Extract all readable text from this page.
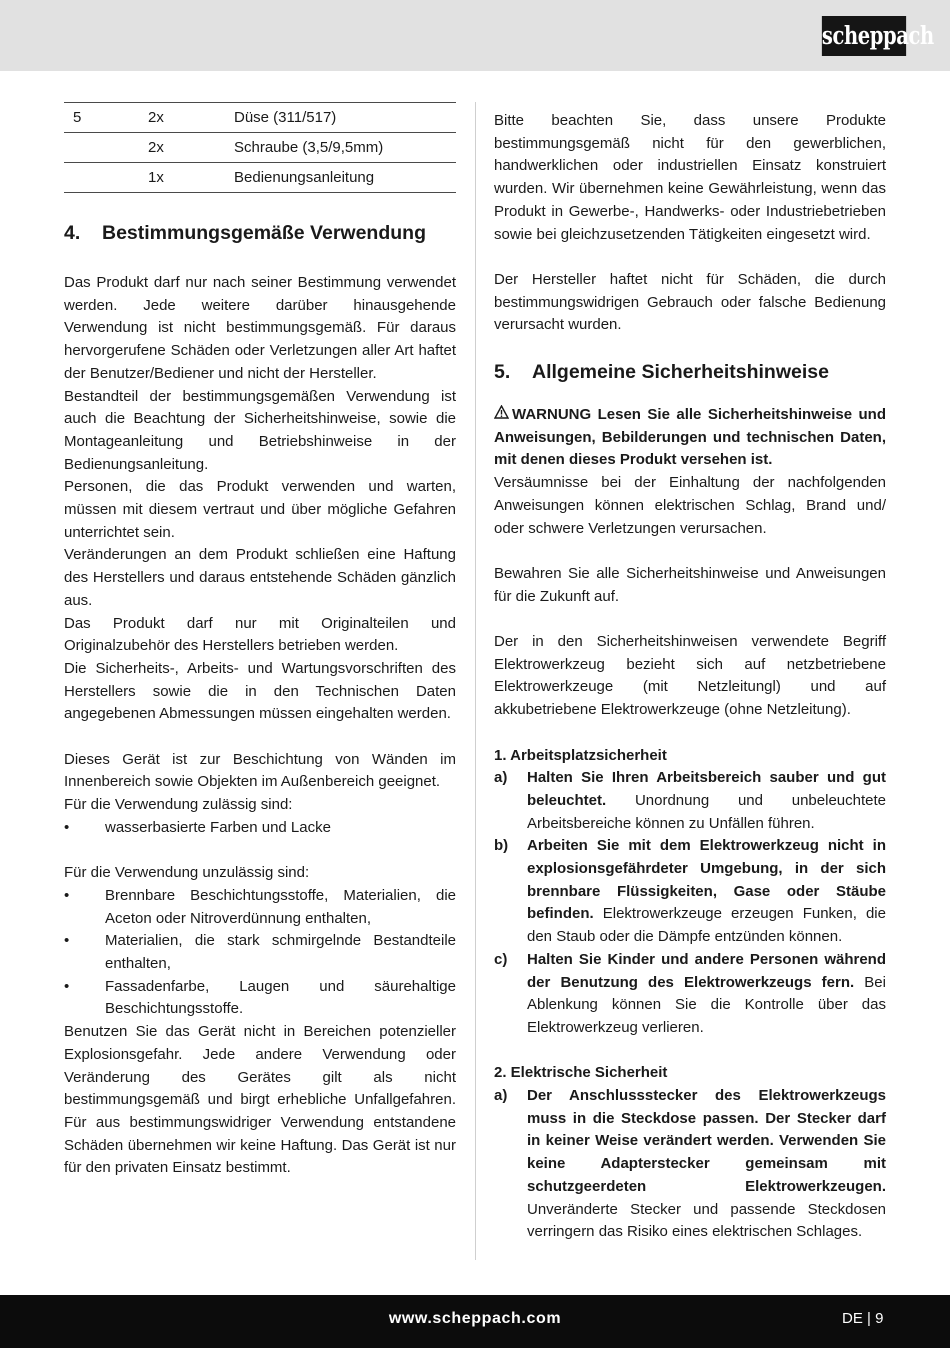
scheppach
5	2x	Düse (311/517)
	2x	Schraube (3,5/9,5mm)
	1x	Bedienungsanleitung
4.	Bestimmungsgemäße Verwendung

Das Produkt darf nur nach seiner Bestimmung verwendet werden. Jede weitere darüber hinausgehende Verwendung ist nicht bestimmungsgemäß. Für daraus hervorgerufene Schäden oder Verletzungen aller Art haftet der Benutzer/Bediener und nicht der Hersteller.

Bestandteil der bestimmungsgemäßen Verwendung ist auch die Beachtung der Sicherheitshinweise, sowie die Montageanleitung und Betriebshinweise in der Bedienungsanleitung.

Personen, die das Produkt verwenden und warten, müssen mit diesem vertraut und über mögliche Gefahren unterrichtet sein.

Veränderungen an dem Produkt schließen eine Haftung des Herstellers und daraus entstehende Schäden gänzlich aus.

Das Produkt darf nur mit Originalteilen und Originalzubehör des Herstellers betrieben werden.

Die Sicherheits-, Arbeits- und Wartungsvorschriften des Herstellers sowie die in den Technischen Daten angegebenen Abmessungen müssen eingehalten werden.

Dieses Gerät ist zur Beschichtung von Wänden im Innenbereich sowie Objekten im Außenbereich geeignet.

Für die Verwendung zulässig sind:

•	wasserbasierte Farben und Lacke

Für die Verwendung unzulässig sind:

•	Brennbare Beschichtungsstoffe, Materialien, die Aceton oder Nitroverdünnung enthalten,
•	Materialien, die stark schmirgelnde Bestandteile enthalten,
•	Fassadenfarbe, Laugen und säurehaltige Beschichtungsstoffe.

Benutzen Sie das Gerät nicht in Bereichen potenzieller Explosionsgefahr. Jede andere Verwendung oder Veränderung des Gerätes gilt als nicht bestimmungsgemäß und birgt erhebliche Unfallgefahren. Für aus bestimmungswidriger Verwendung entstandene Schäden übernehmen wir keine Haftung. Das Gerät ist nur für den privaten Einsatz bestimmt.

Bitte beachten Sie, dass unsere Produkte bestimmungsgemäß nicht für den gewerblichen, handwerklichen oder industriellen Einsatz konstruiert wurden. Wir übernehmen keine Gewährleistung, wenn das Produkt in Gewerbe-, Handwerks- oder Industriebetrieben sowie bei gleichzusetzenden Tätigkeiten eingesetzt wird.

Der Hersteller haftet nicht für Schäden, die durch bestimmungswidrigen Gebrauch oder falsche Bedienung verursacht wurden.

5.	Allgemeine Sicherheitshinweise

WARNUNG Lesen Sie alle Sicherheitshinweise und Anweisungen, Bebilderungen und technischen Daten, mit denen dieses Produkt versehen ist.

Versäumnisse bei der Einhaltung der nachfolgenden Anweisungen können elektrischen Schlag, Brand und/ oder schwere Verletzungen verursachen.

Bewahren Sie alle Sicherheitshinweise und Anweisungen für die Zukunft auf.

Der in den Sicherheitshinweisen verwendete Begriff Elektrowerkzeug bezieht sich auf netzbetriebene Elektrowerkzeuge (mit Netzleitungl) und auf akkubetriebene Elektrowerkzeuge (ohne Netzleitung).

1. Arbeitsplatzsicherheit

a)	Halten Sie Ihren Arbeitsbereich sauber und gut beleuchtet. Unordnung und unbeleuchtete Arbeitsbereiche können zu Unfällen führen.
b)	Arbeiten Sie mit dem Elektrowerkzeug nicht in explosionsgefährdeter Umgebung, in der sich brennbare Flüssigkeiten, Gase oder Stäube befinden. Elektrowerkzeuge erzeugen Funken, die den Staub oder die Dämpfe entzünden können.
c)	Halten Sie Kinder und andere Personen während der Benutzung des Elektrowerkzeugs fern. Bei Ablenkung können Sie die Kontrolle über das Elektrowerkzeug verlieren.

2. Elektrische Sicherheit

a)	Der Anschlussstecker des Elektrowerkzeugs muss in die Steckdose passen. Der Stecker darf in keiner Weise verändert werden. Verwenden Sie keine Adapterstecker gemeinsam mit schutzgeerdeten Elektrowerkzeugen. Unveränderte Stecker und passende Steckdosen verringern das Risiko eines elektrischen Schlages.
www.scheppach.com	DE | 9
